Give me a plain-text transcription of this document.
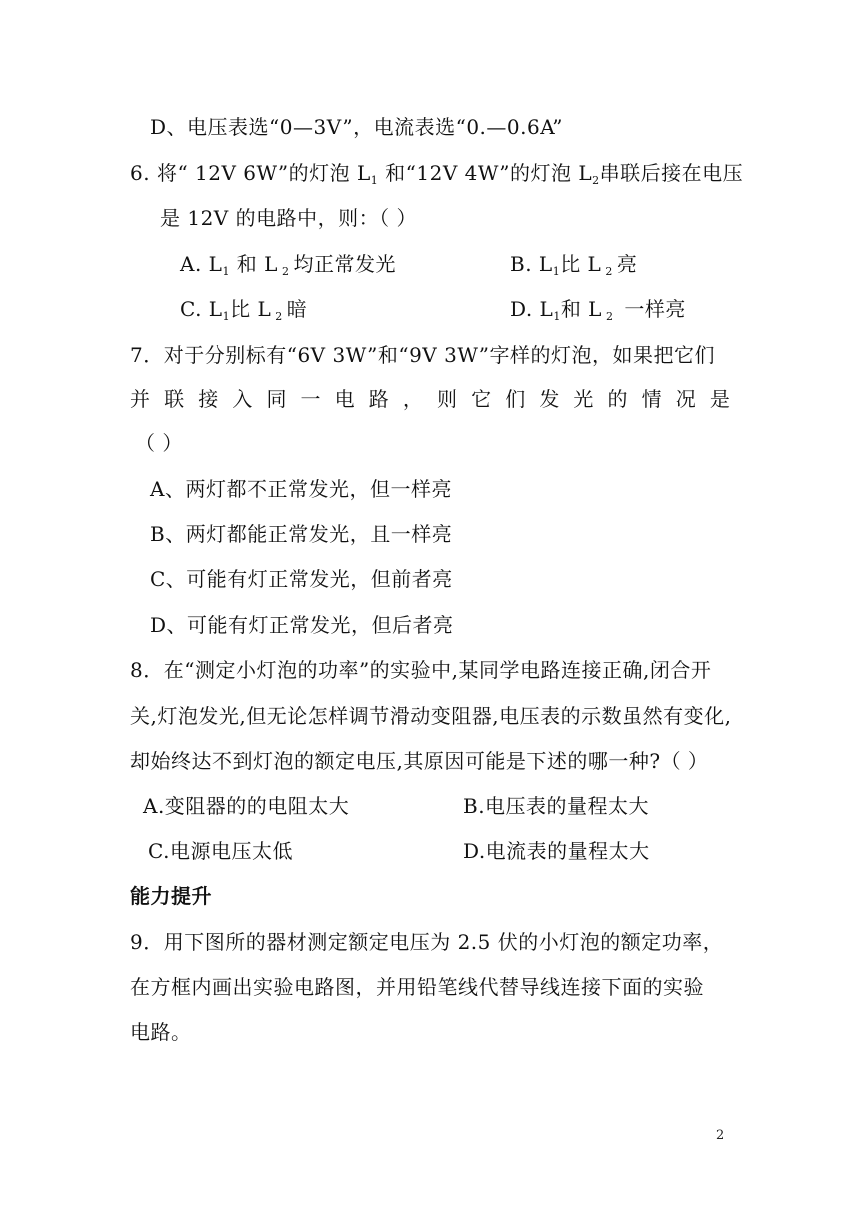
D、电压表选“0—3V”，电流表选“0.—0.6A”
6. 将“ 12V 6W”的灯泡 $L_1$ 和“12V 4W”的灯泡 $L_2$串联后接在电压
是 12V 的电路中，则：（ ）
A. $L_1$ 和 L $_2$ 均正常发光	B. $L_1$比 L $_2$ 亮
C. $L_1$比 L $_2$ 暗	D. $L_1$和 L $_2$ 一样亮
7．对于分别标有“6V 3W”和“9V 3W”字样的灯泡，如果把它们
并 联 接 入 同 一 电 路 ， 则 它 们 发 光 的 情 况 是
（ ）
A、两灯都不正常发光，但一样亮
B、两灯都能正常发光，且一样亮
C、可能有灯正常发光，但前者亮
D、可能有灯正常发光，但后者亮
8．在“测定小灯泡的功率”的实验中,某同学电路连接正确,闭合开
关,灯泡发光,但无论怎样调节滑动变阻器,电压表的示数虽然有变化,
却始终达不到灯泡的额定电压,其原因可能是下述的哪一种?（ ）
A.变阻器的的电阻太大	B.电压表的量程太大
C.电源电压太低	D.电流表的量程太大
能力提升
9．用下图所的器材测定额定电压为 2.5 伏的小灯泡的额定功率，
在方框内画出实验电路图，并用铅笔线代替导线连接下面的实验
电路。
2
